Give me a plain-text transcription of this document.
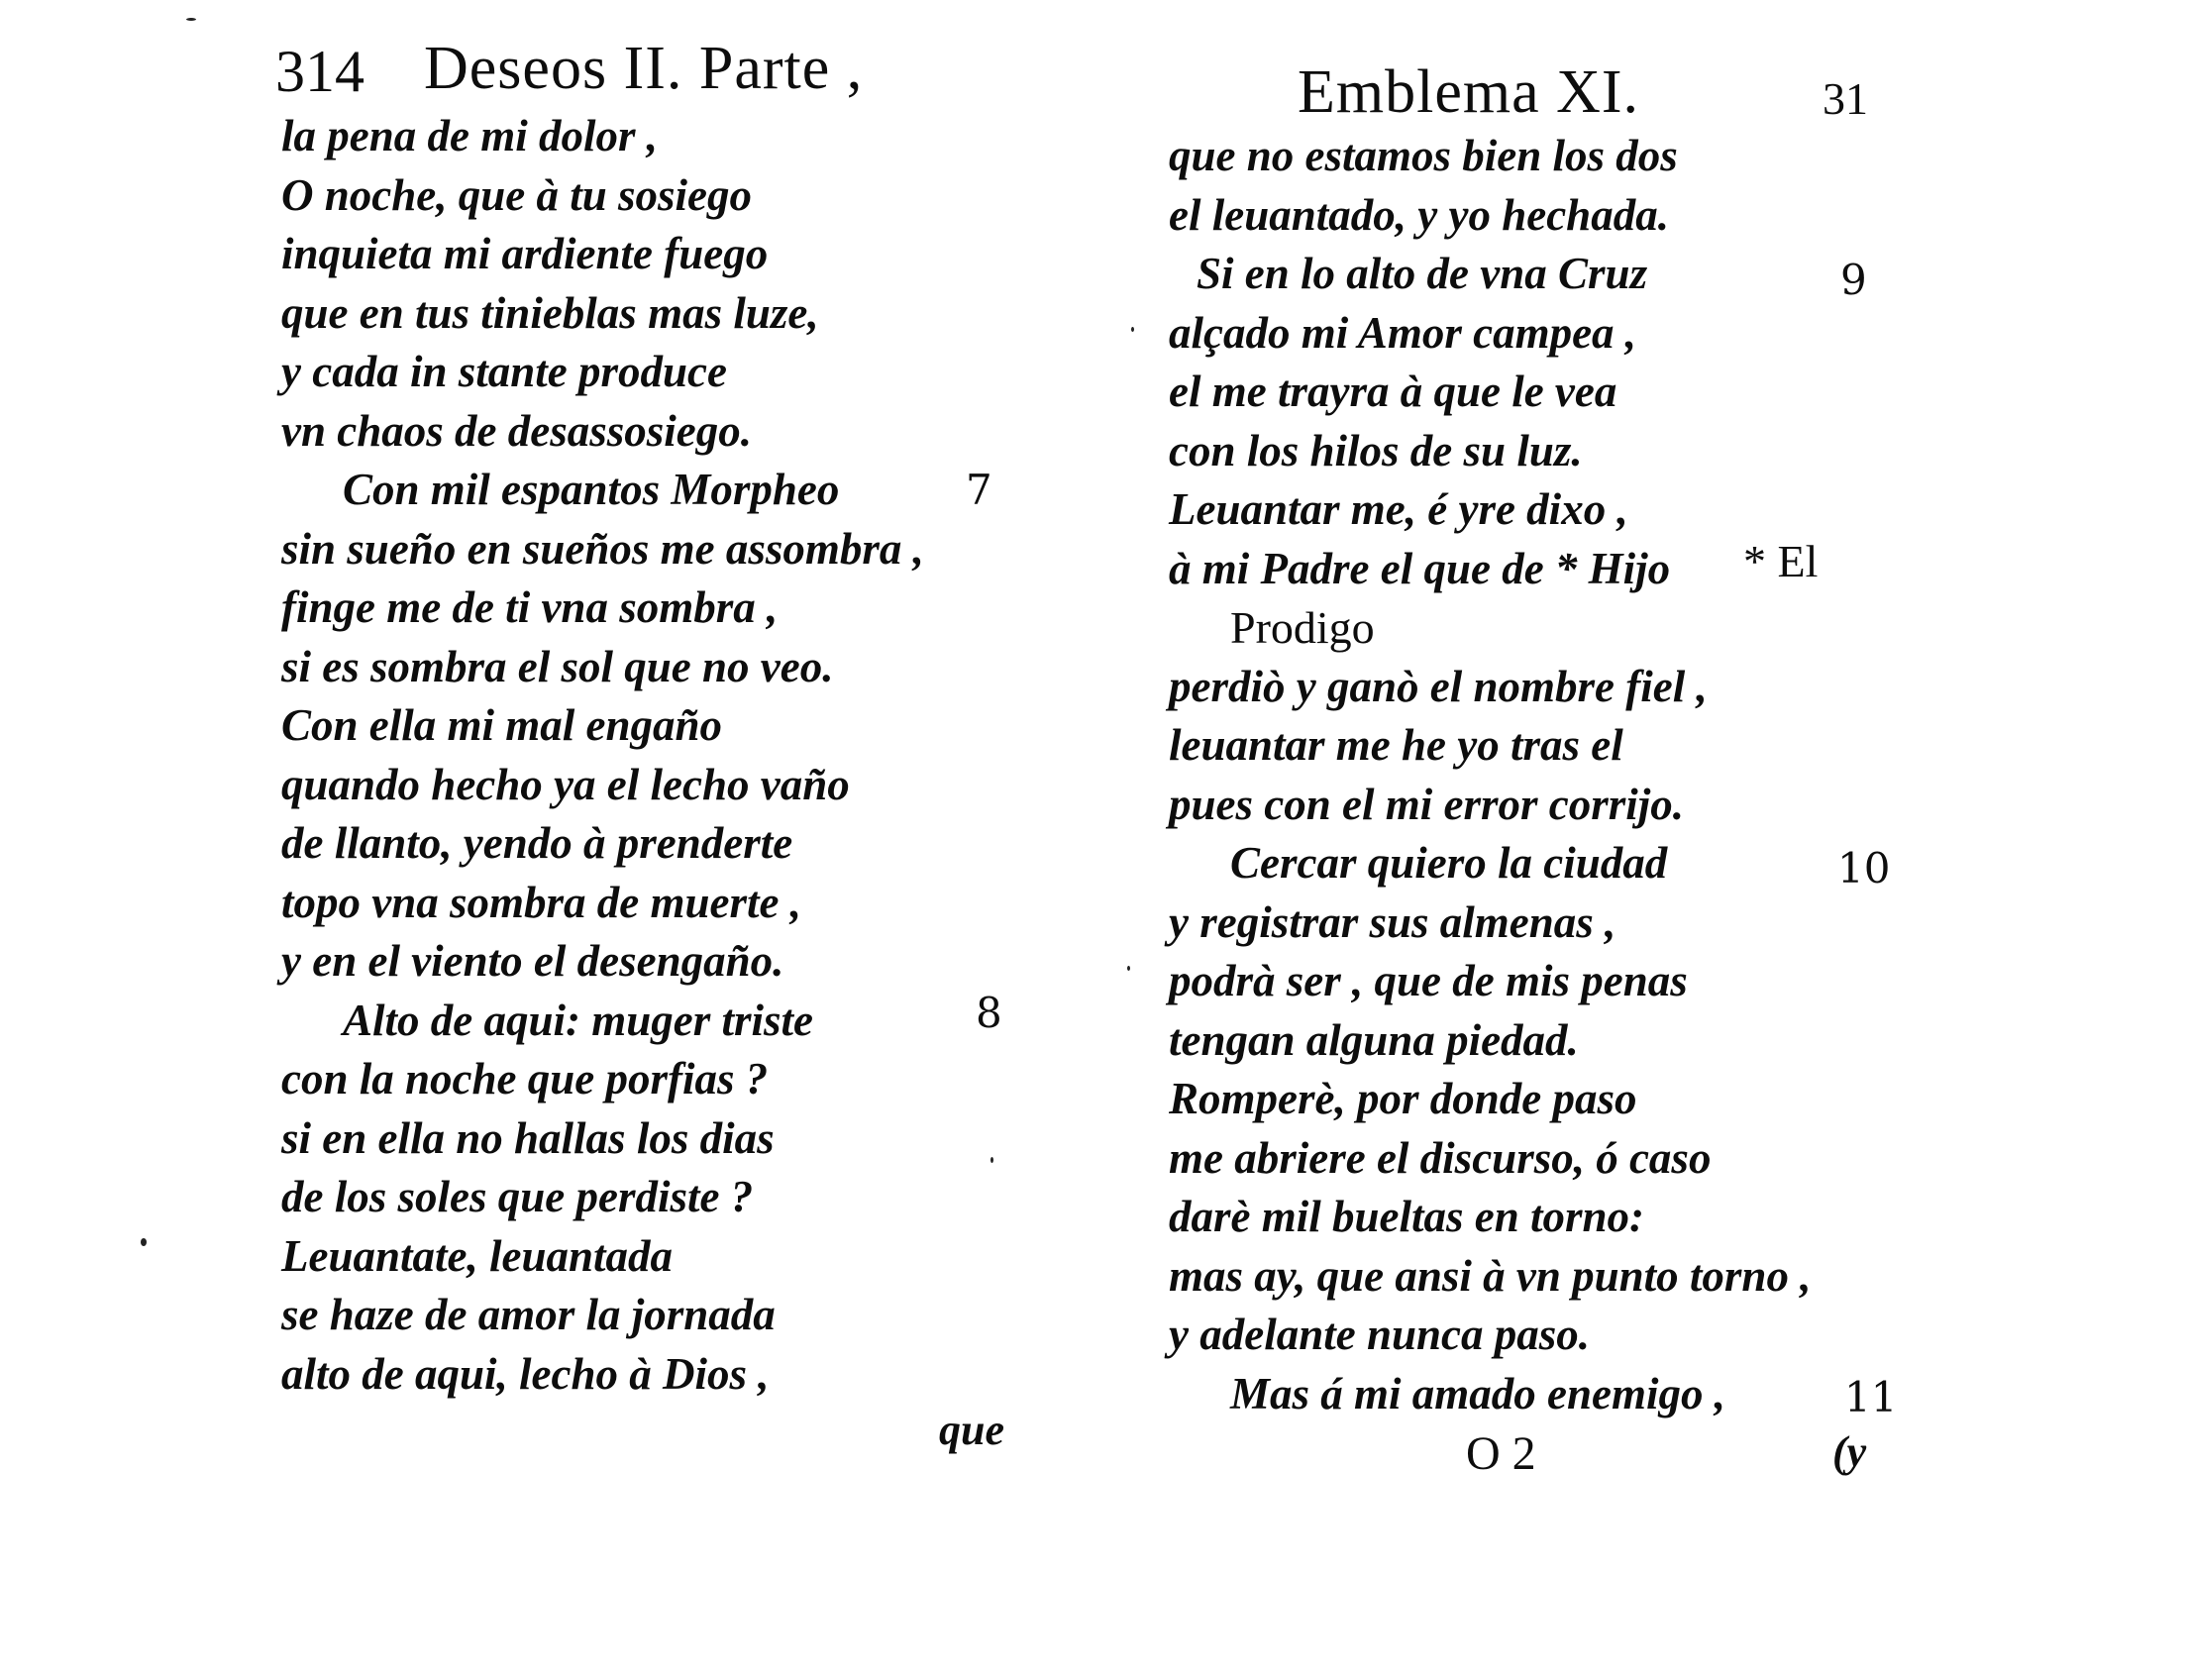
314 Deseos II. Parte ,
la pena de mi dolor ,
O noche, que à tu sosiego
inquieta mi ardiente fuego
que en tus tinieblas mas luze,
y cada in stante produce
vn chaos de desassosiego.
Con mil espantos Morpheo
sin sueño en sueños me assombra ,
finge me de ti vna sombra ,
si es sombra el sol que no veo.
Con ella mi mal engaño
quando hecho ya el lecho vaño
de llanto, yendo à prenderte
topo vna sombra de muerte ,
y en el viento el desengaño.
Alto de aqui: muger triste
con la noche que porfias ?
si en ella no hallas los dias
de los soles que perdiste ?
Leuantate, leuantada
se haze de amor la jornada
alto de aqui, lecho à Dios ,
7
8
que
Emblema XI.	31
que no estamos bien los dos
el leuantado, y yo hechada.
Si en lo alto de vna Cruz
alçado mi Amor campea ,
el me trayra à que le vea
con los hilos de su luz.
Leuantar me, é yre dixo ,
à mi Padre el que de * Hijo
Prodigo
perdiò y ganò el nombre fiel ,
leuantar me he yo tras el
pues con el mi error corrijo.
Cercar quiero la ciudad
y registrar sus almenas ,
podrà ser , que de mis penas
tengan alguna piedad.
Romperè, por donde paso
me abriere el discurso, ó caso
darè mil bueltas en torno:
mas ay, que ansi à vn punto torno ,
y adelante nunca paso.
Mas á mi amado enemigo ,
* El
9
10
11
O 2	(y
